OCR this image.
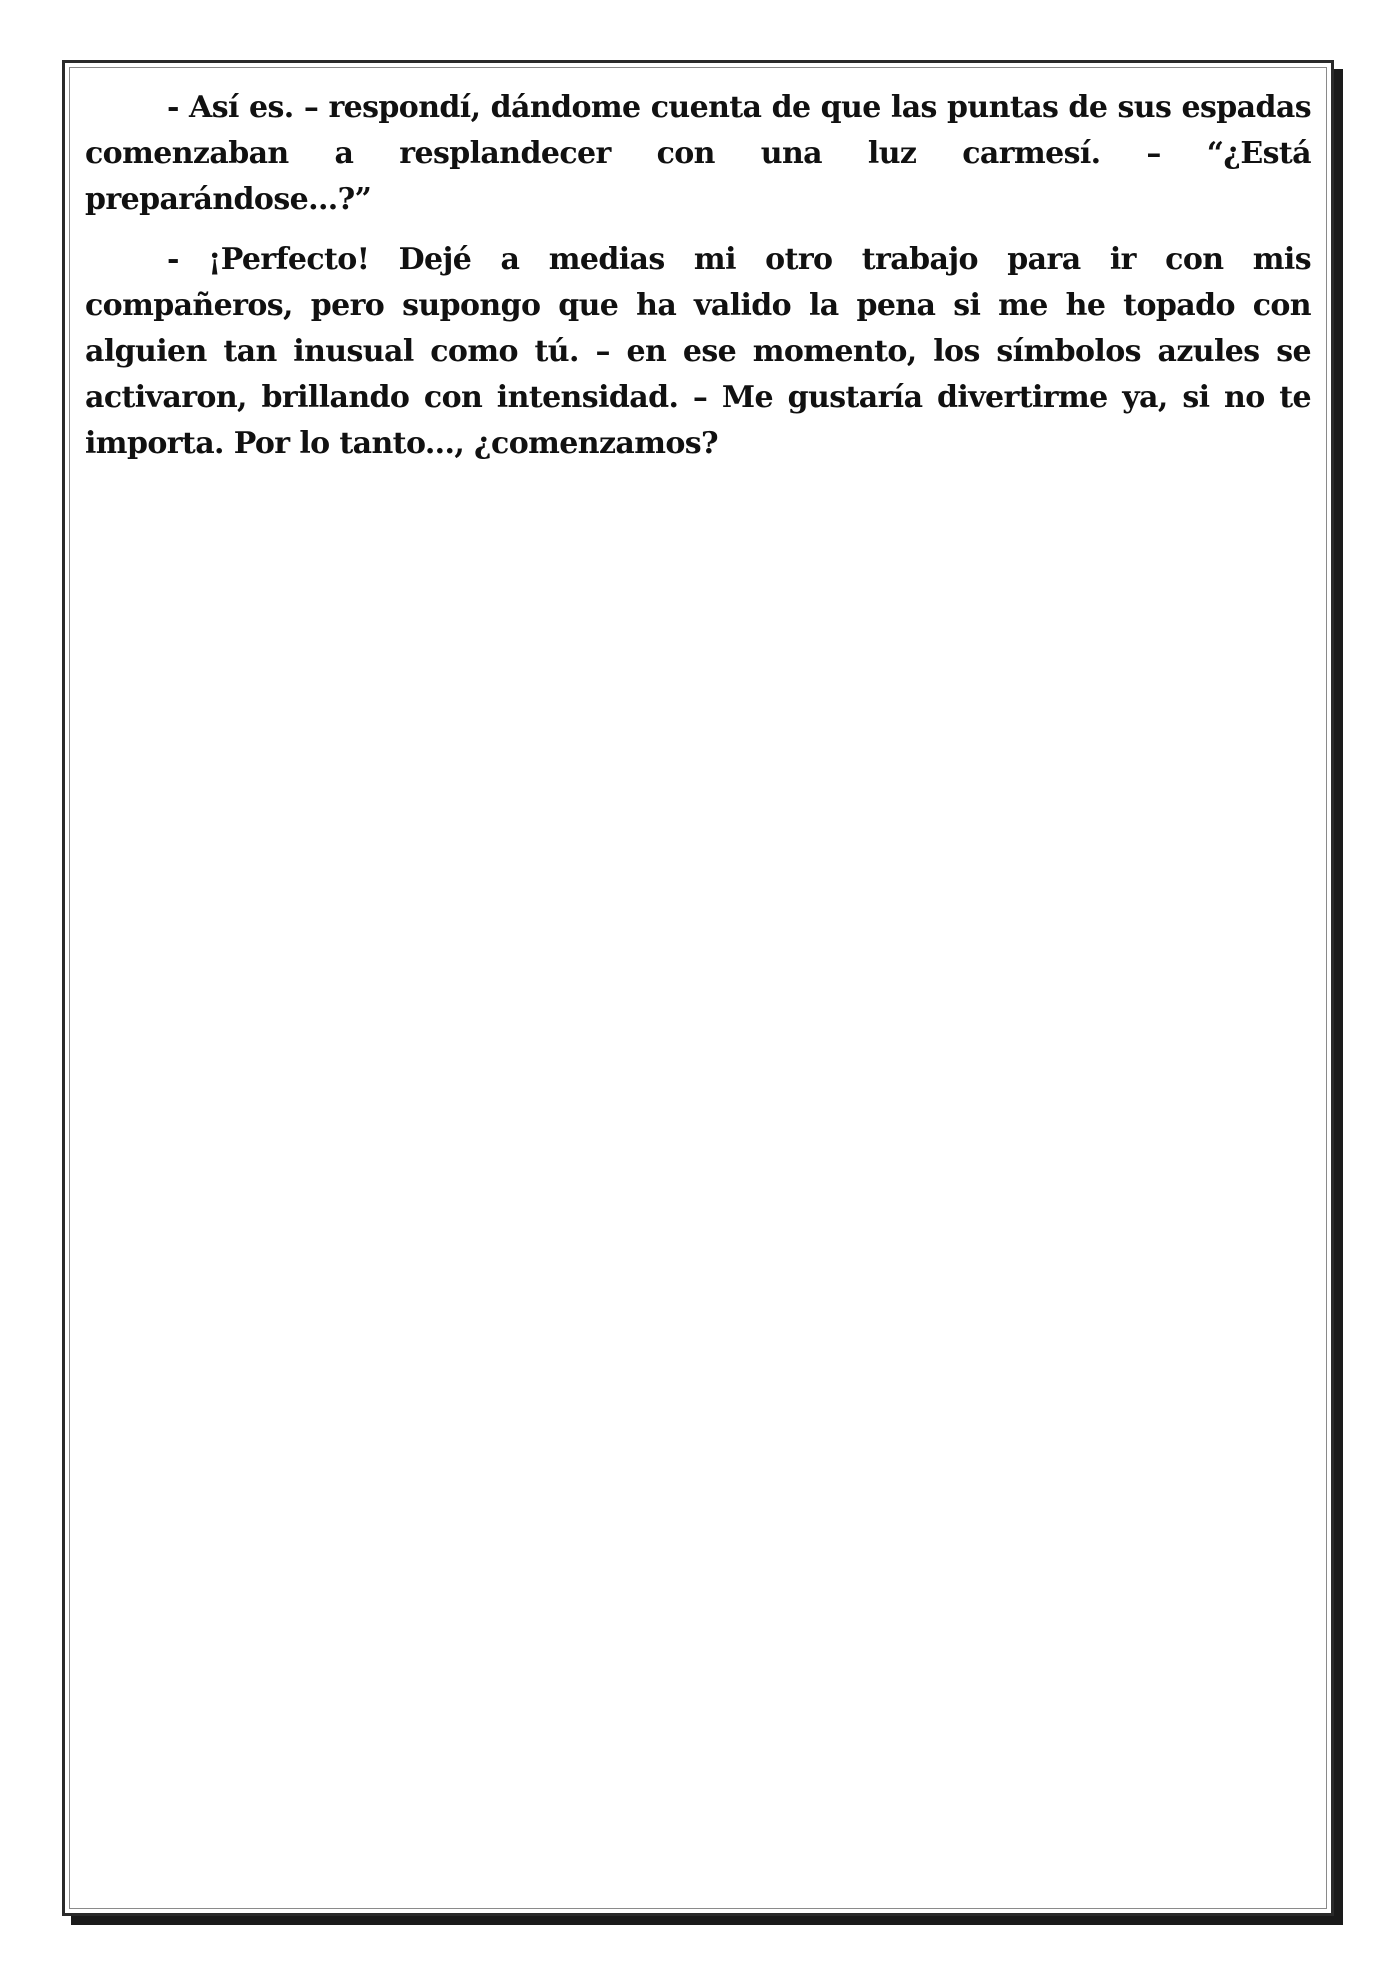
- Así es. – respondí, dándome cuenta de que las puntas de sus espadas comenzaban a resplandecer con una luz carmesí. – “¿Está preparándose...?”

- ¡Perfecto! Dejé a medias mi otro trabajo para ir con mis compañeros, pero supongo que ha valido la pena si me he topado con alguien tan inusual como tú. – en ese momento, los símbolos azules se activaron, brillando con intensidad. – Me gustaría divertirme ya, si no te importa. Por lo tanto..., ¿comenzamos?
